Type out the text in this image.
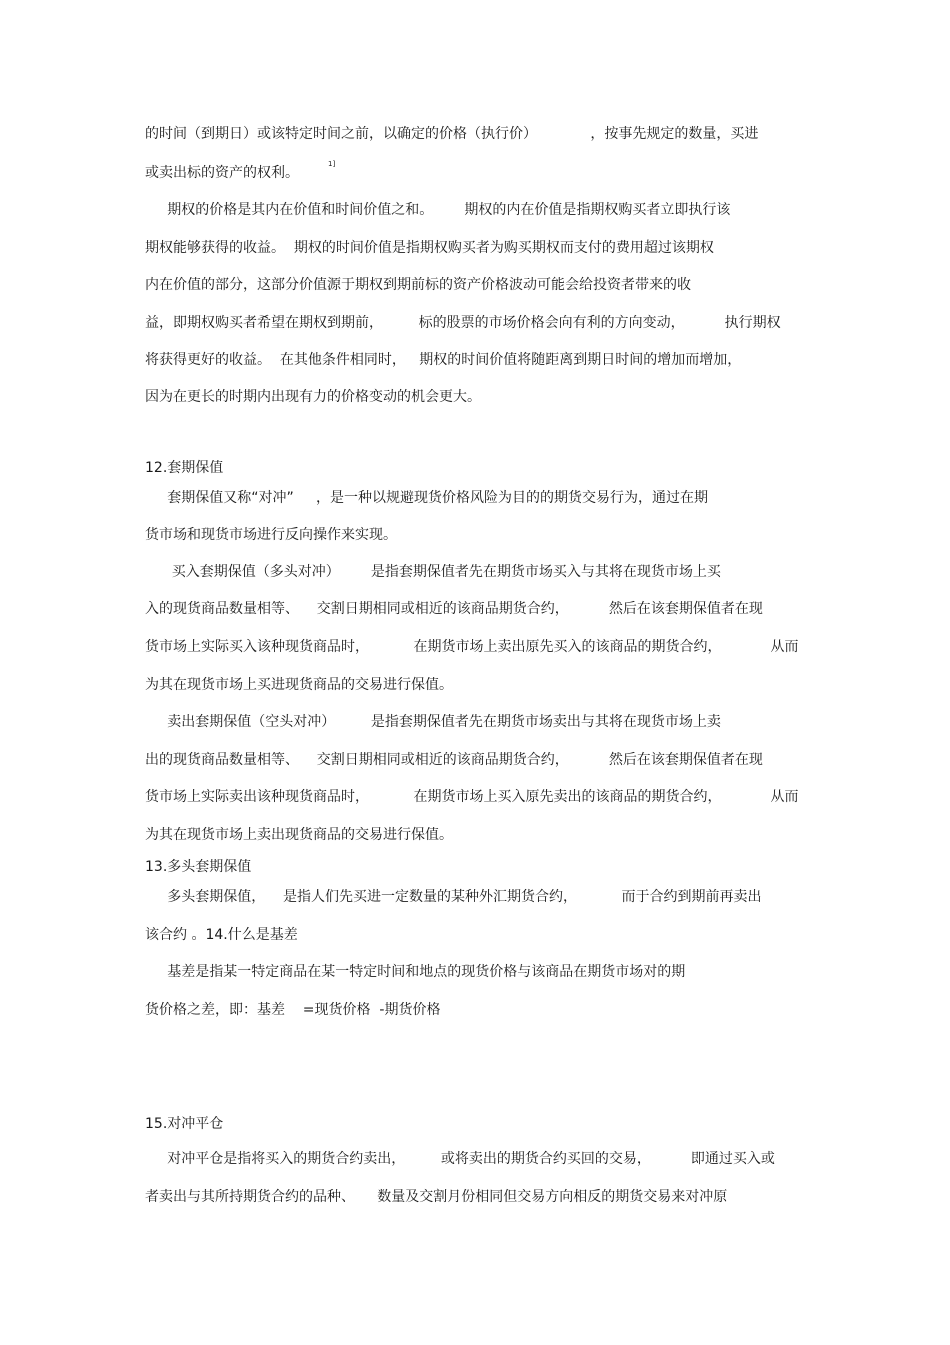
的时间（到期日）或该特定时间之前，以确定的价格（执行价）            ，按事先规定的数量，买进

或卖出标的资产的权利。

1]

期权的价格是其内在价值和时间价值之和。       期权的内在价值是指期权购买者立即执行该

期权能够获得的收益。  期权的时间价值是指期权购买者为购买期权而支付的费用超过该期权

内在价值的部分，这部分价值源于期权到期前标的资产价格波动可能会给投资者带来的收

益，即期权购买者希望在期权到期前，        标的股票的市场价格会向有利的方向变动，         执行期权

将获得更好的收益。  在其他条件相同时，   期权的时间价值将随距离到期日时间的增加而增加，

因为在更长的时期内出现有力的价格变动的机会更大。

12.套期保值

套期保值又称“对冲”     ，是一种以规避现货价格风险为目的的期货交易行为，通过在期

货市场和现货市场进行反向操作来实现。

买入套期保值（多头对冲）       是指套期保值者先在期货市场买入与其将在现货市场上买

入的现货商品数量相等、    交割日期相同或相近的该商品期货合约，         然后在该套期保值者在现

货市场上实际买入该种现货商品时，          在期货市场上卖出原先买入的该商品的期货合约，           从而

为其在现货市场上买进现货商品的交易进行保值。

卖出套期保值（空头对冲）        是指套期保值者先在期货市场卖出与其将在现货市场上卖

出的现货商品数量相等、    交割日期相同或相近的该商品期货合约，         然后在该套期保值者在现

货市场上实际卖出该种现货商品时，          在期货市场上买入原先卖出的该商品的期货合约，           从而

为其在现货市场上卖出现货商品的交易进行保值。

13.多头套期保值

多头套期保值，    是指人们先买进一定数量的某种外汇期货合约，          而于合约到期前再卖出

该合约 。14.什么是基差

基差是指某一特定商品在某一特定时间和地点的现货价格与该商品在期货市场对的期

货价格之差，即：基差    =现货价格  -期货价格

15.对冲平仓

对冲平仓是指将买入的期货合约卖出，        或将卖出的期货合约买回的交易，         即通过买入或

者卖出与其所持期货合约的品种、     数量及交割月份相同但交易方向相反的期货交易来对冲原
